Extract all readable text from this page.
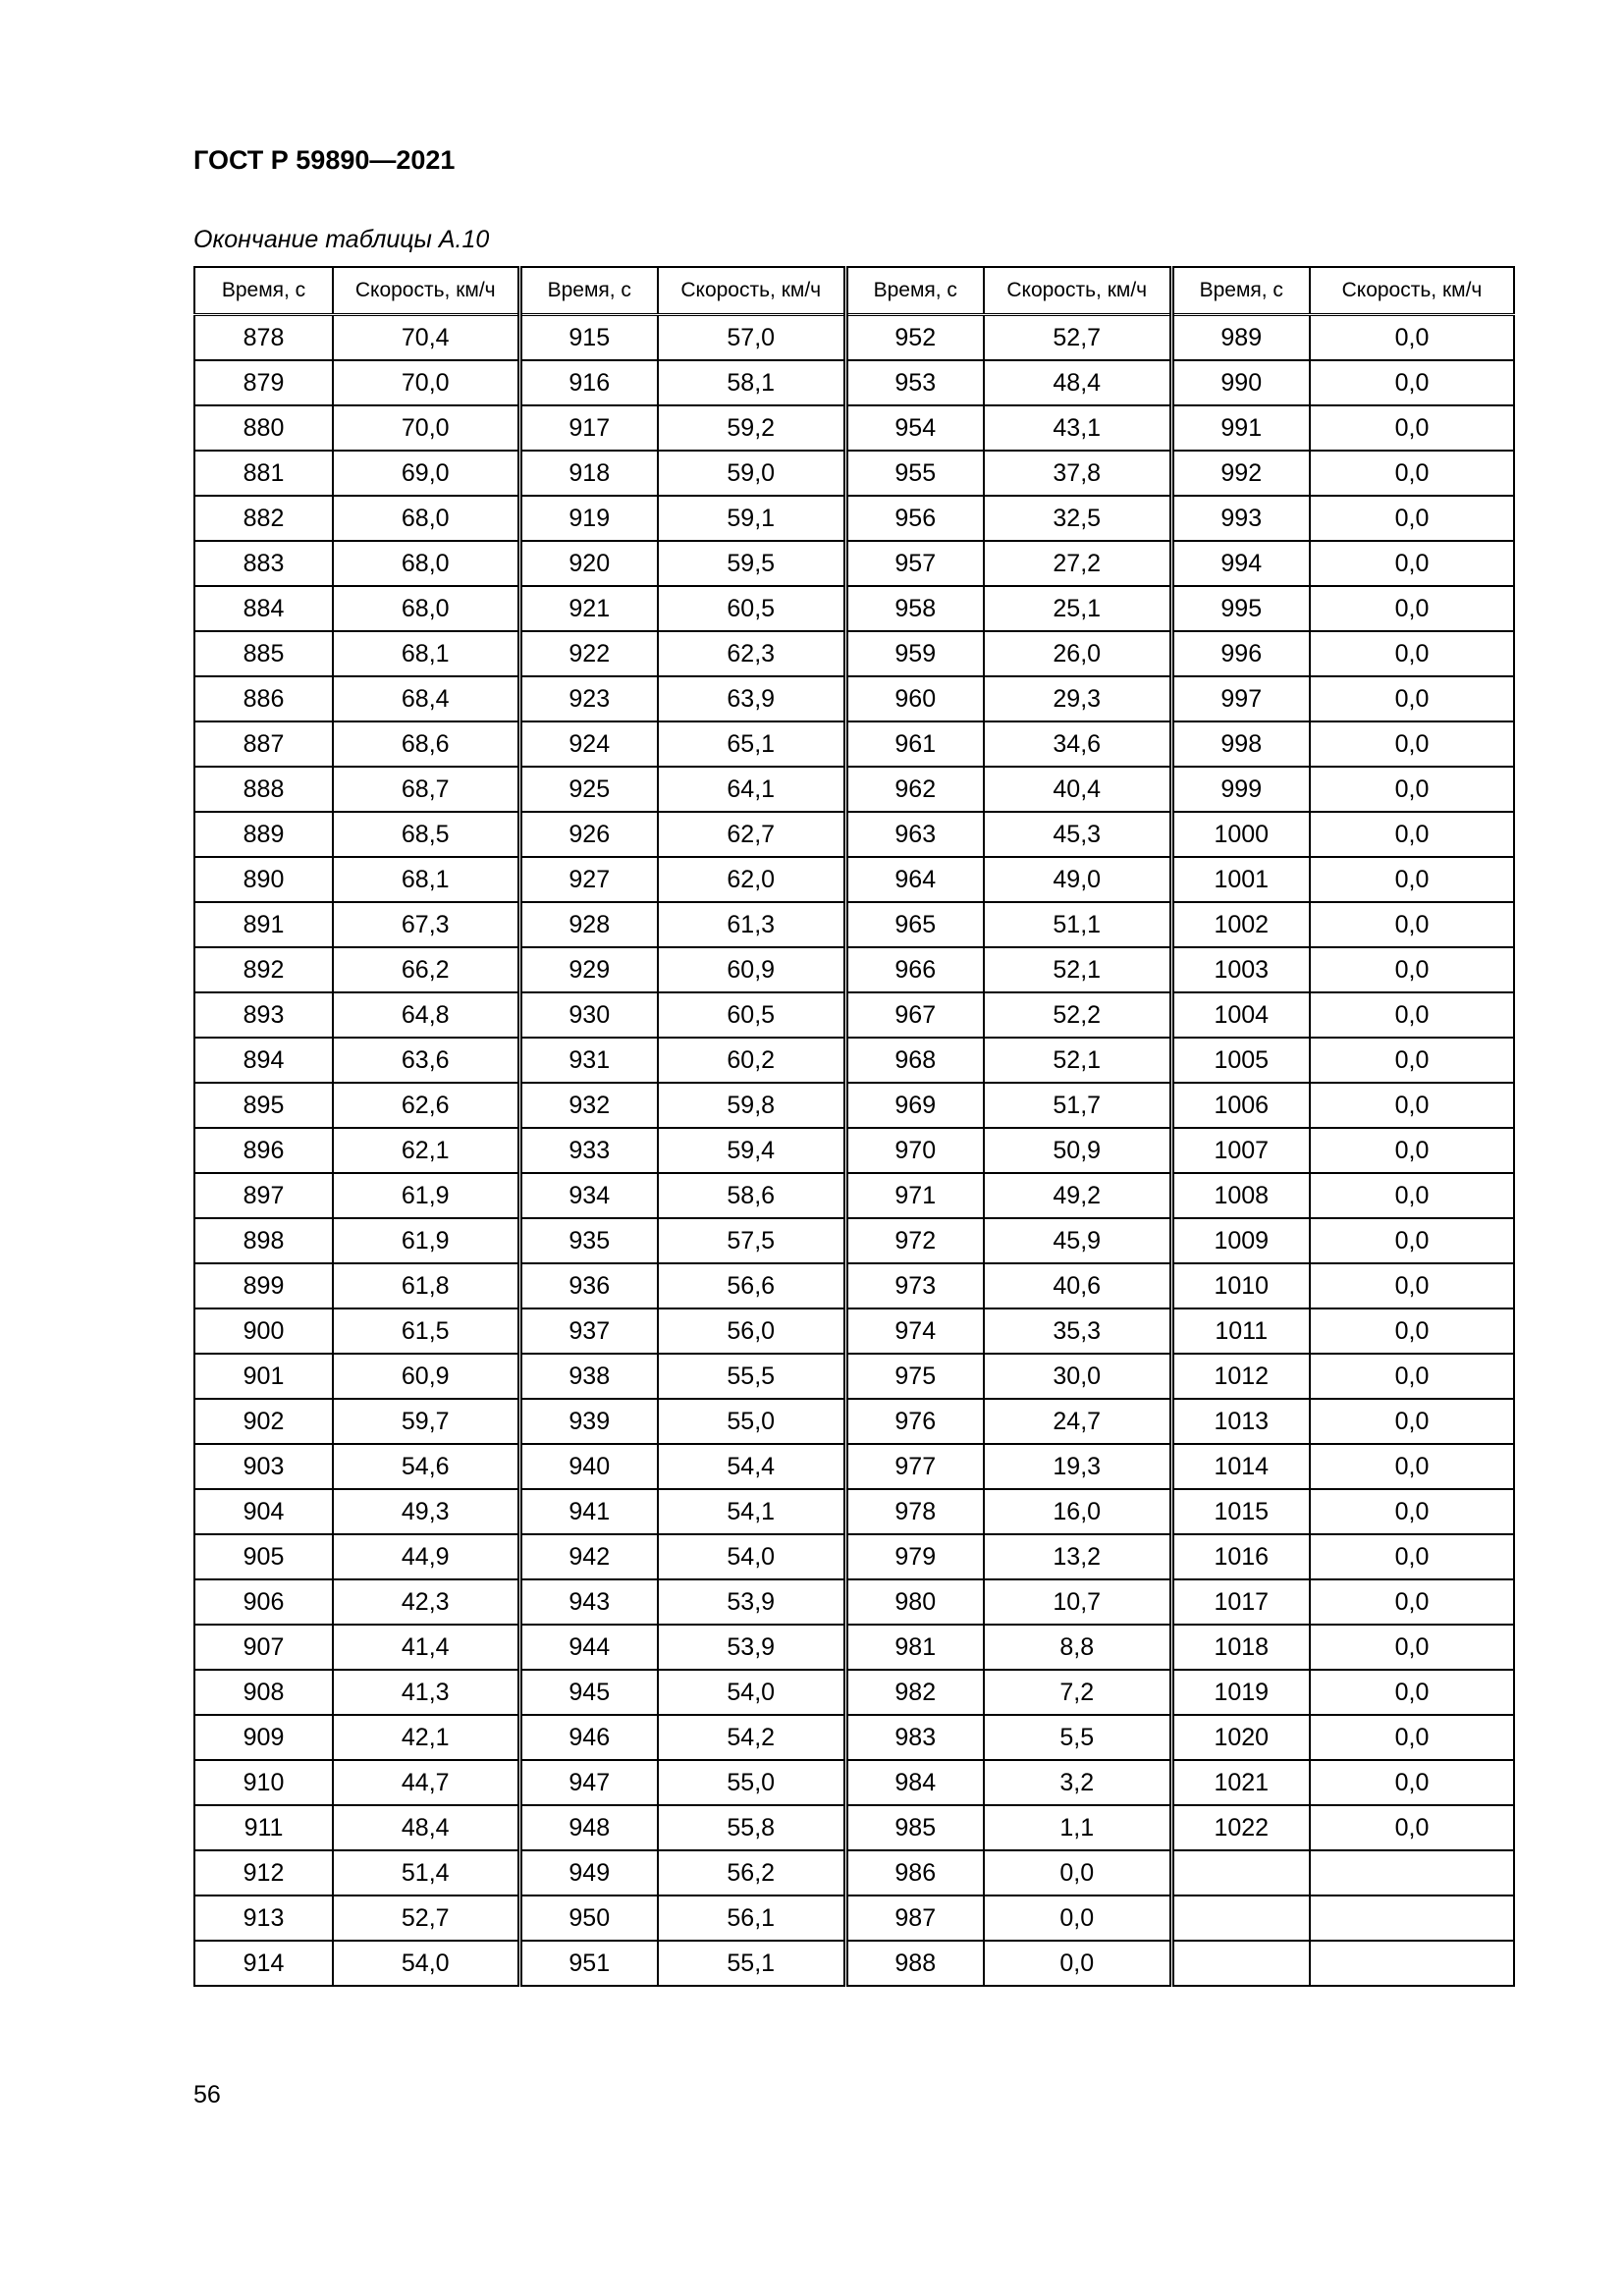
ГОСТ Р 59890—2021
Окончание таблицы А.10
Время, с	Скорость, км/ч	Время, с	Скорость, км/ч	Время, с	Скорость, км/ч	Время, с	Скорость, км/ч
878	70,4	915	57,0	952	52,7	989	0,0
879	70,0	916	58,1	953	48,4	990	0,0
880	70,0	917	59,2	954	43,1	991	0,0
881	69,0	918	59,0	955	37,8	992	0,0
882	68,0	919	59,1	956	32,5	993	0,0
883	68,0	920	59,5	957	27,2	994	0,0
884	68,0	921	60,5	958	25,1	995	0,0
885	68,1	922	62,3	959	26,0	996	0,0
886	68,4	923	63,9	960	29,3	997	0,0
887	68,6	924	65,1	961	34,6	998	0,0
888	68,7	925	64,1	962	40,4	999	0,0
889	68,5	926	62,7	963	45,3	1000	0,0
890	68,1	927	62,0	964	49,0	1001	0,0
891	67,3	928	61,3	965	51,1	1002	0,0
892	66,2	929	60,9	966	52,1	1003	0,0
893	64,8	930	60,5	967	52,2	1004	0,0
894	63,6	931	60,2	968	52,1	1005	0,0
895	62,6	932	59,8	969	51,7	1006	0,0
896	62,1	933	59,4	970	50,9	1007	0,0
897	61,9	934	58,6	971	49,2	1008	0,0
898	61,9	935	57,5	972	45,9	1009	0,0
899	61,8	936	56,6	973	40,6	1010	0,0
900	61,5	937	56,0	974	35,3	1011	0,0
901	60,9	938	55,5	975	30,0	1012	0,0
902	59,7	939	55,0	976	24,7	1013	0,0
903	54,6	940	54,4	977	19,3	1014	0,0
904	49,3	941	54,1	978	16,0	1015	0,0
905	44,9	942	54,0	979	13,2	1016	0,0
906	42,3	943	53,9	980	10,7	1017	0,0
907	41,4	944	53,9	981	8,8	1018	0,0
908	41,3	945	54,0	982	7,2	1019	0,0
909	42,1	946	54,2	983	5,5	1020	0,0
910	44,7	947	55,0	984	3,2	1021	0,0
911	48,4	948	55,8	985	1,1	1022	0,0
912	51,4	949	56,2	986	0,0		
913	52,7	950	56,1	987	0,0		
914	54,0	951	55,1	988	0,0		
56
